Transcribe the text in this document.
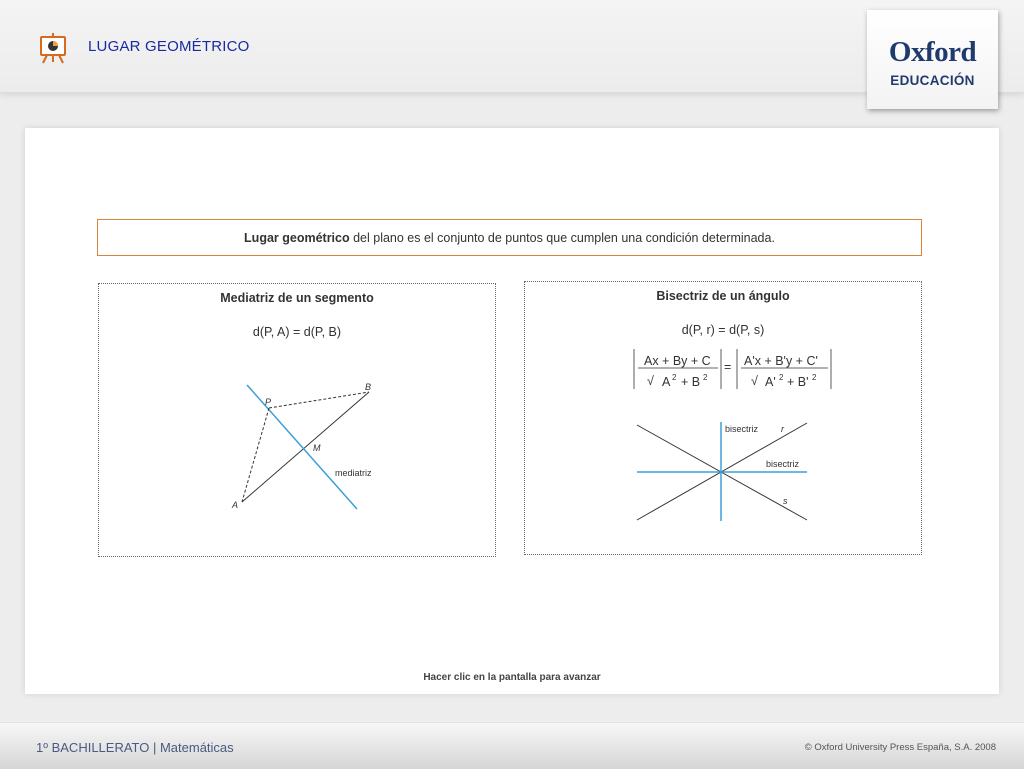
LUGAR GEOMÉTRICO	Oxford
EDUCACIÓN
Lugar geométrico del plano es el conjunto de puntos que cumplen una condición determinada.
Mediatriz de un segmento
d(P, A) = d(P, B)
B
P
M
mediatriz
A
Bisectriz de un ángulo
d(P, r) = d(P, s)
Ax + By + C
√ A 2 + B 2
= A'x + B'y + C'
√ A' 2 + B' 2
bisectriz	r
bisectriz
s
Hacer clic en la pantalla para avanzar
1º BACHILLERATO | Matemáticas	© Oxford University Press España, S.A. 2008
